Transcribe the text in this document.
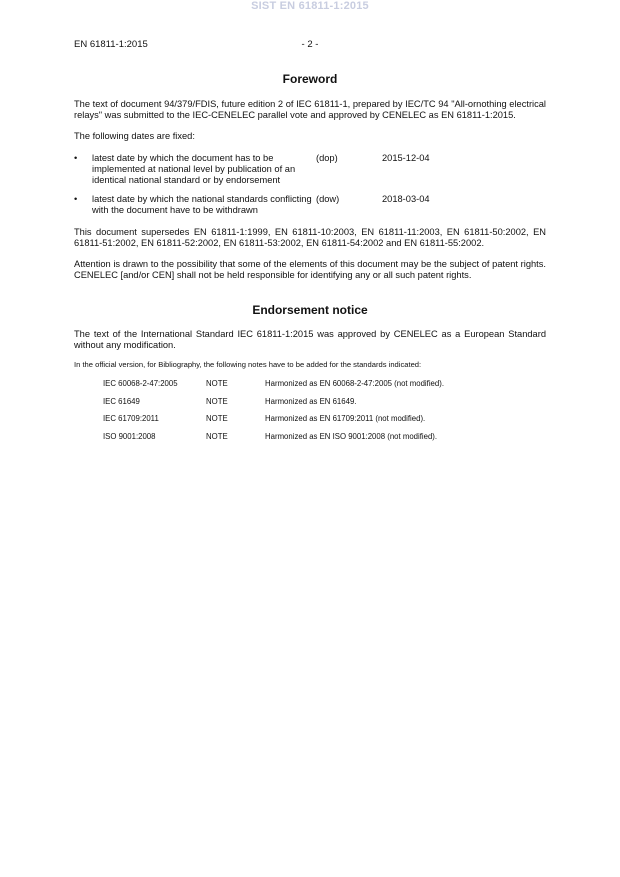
SIST EN 61811-1:2015
EN 61811-1:2015	- 2 -
Foreword

The text of document 94/379/FDIS, future edition 2 of IEC 61811-1, prepared by IEC/TC 94 "All-ornothing electrical relays" was submitted to the IEC-CENELEC parallel vote and approved by CENELEC as EN 61811-1:2015.

The following dates are fixed:

•	latest date by which the document has to be implemented at national level by publication of an identical national standard or by endorsement
(dop)	2015-12-04
•	latest date by which the national standards conflicting with the document have to be withdrawn
(dow)	2018-03-04

This document supersedes EN 61811-1:1999, EN 61811-10:2003, EN 61811-11:2003, EN 61811-50:2002, EN 61811-51:2002, EN 61811-52:2002, EN 61811-53:2002, EN 61811-54:2002 and EN 61811-55:2002.

Attention is drawn to the possibility that some of the elements of this document may be the subject of patent rights. CENELEC [and/or CEN] shall not be held responsible for identifying any or all such patent rights.

Endorsement notice

The text of the International Standard IEC 61811-1:2015 was approved by CENELEC as a European Standard without any modification.

In the official version, for Bibliography, the following notes have to be added for the standards indicated:

IEC 60068-2-47:2005	NOTE	Harmonized as EN 60068-2-47:2005 (not modified).
IEC 61649	NOTE	Harmonized as EN 61649.
IEC 61709:2011	NOTE	Harmonized as EN 61709:2011 (not modified).
ISO 9001:2008	NOTE	Harmonized as EN ISO 9001:2008 (not modified).
